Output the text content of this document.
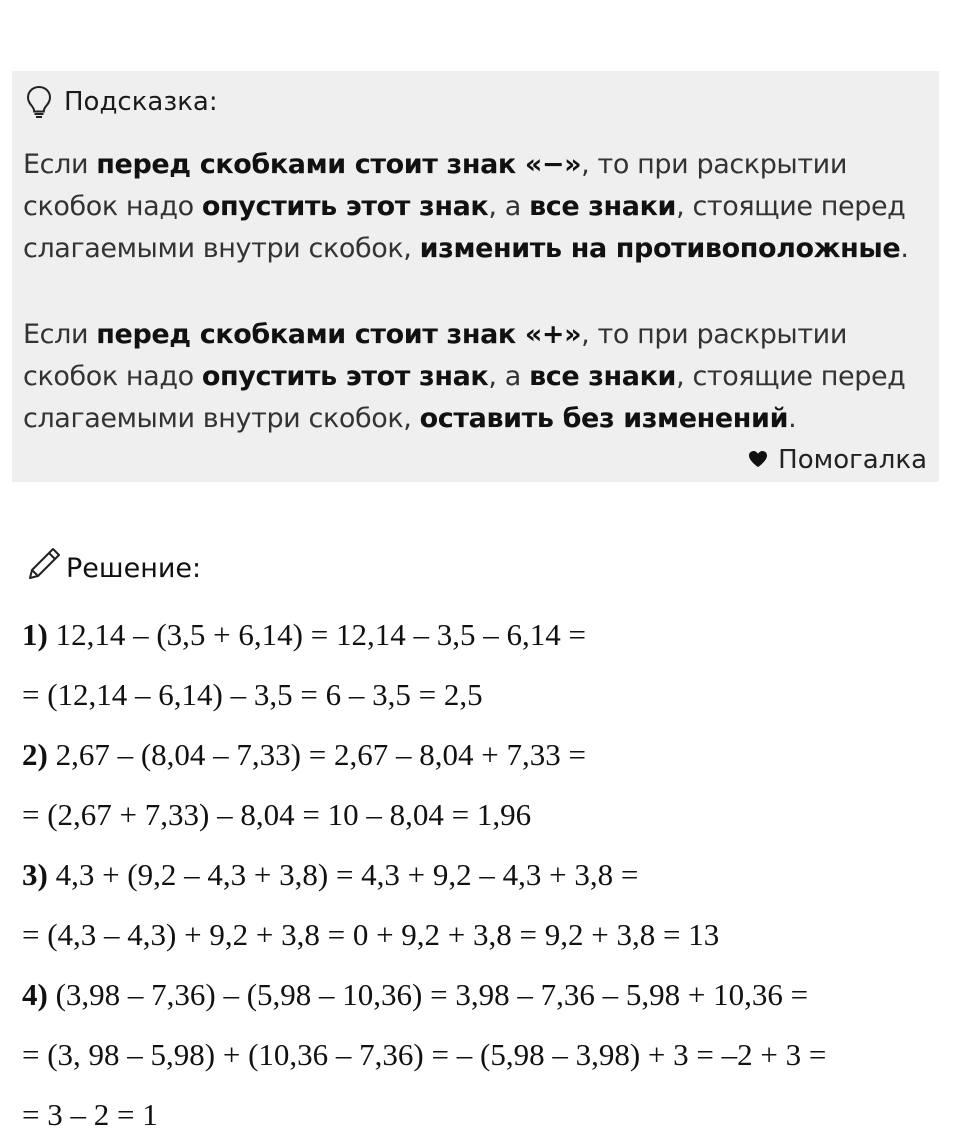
Подсказка:
Если перед скобками стоит знак «−», то при раскрытии скобок надо опустить этот знак, а все знаки, стоящие перед слагаемыми внутри скобок, изменить на противоположные.
Если перед скобками стоит знак «+», то при раскрытии скобок надо опустить этот знак, а все знаки, стоящие перед слагаемыми внутри скобок, оставить без изменений.
Помогалка
Решение:
1) 12,14 – (3,5 + 6,14) = 12,14 – 3,5 – 6,14 =
= (12,14 – 6,14) – 3,5 = 6 – 3,5 = 2,5
2) 2,67 – (8,04 – 7,33) = 2,67 – 8,04 + 7,33 =
= (2,67 + 7,33) – 8,04 = 10 – 8,04 = 1,96
3) 4,3 + (9,2 – 4,3 + 3,8) = 4,3 + 9,2 – 4,3 + 3,8 =
= (4,3 – 4,3) + 9,2 + 3,8 = 0 + 9,2 + 3,8 = 9,2 + 3,8 = 13
4) (3,98 – 7,36) – (5,98 – 10,36) = 3,98 – 7,36 – 5,98 + 10,36 =
= (3, 98 – 5,98) + (10,36 – 7,36) = – (5,98 – 3,98) + 3 = –2 + 3 =
= 3 – 2 = 1
